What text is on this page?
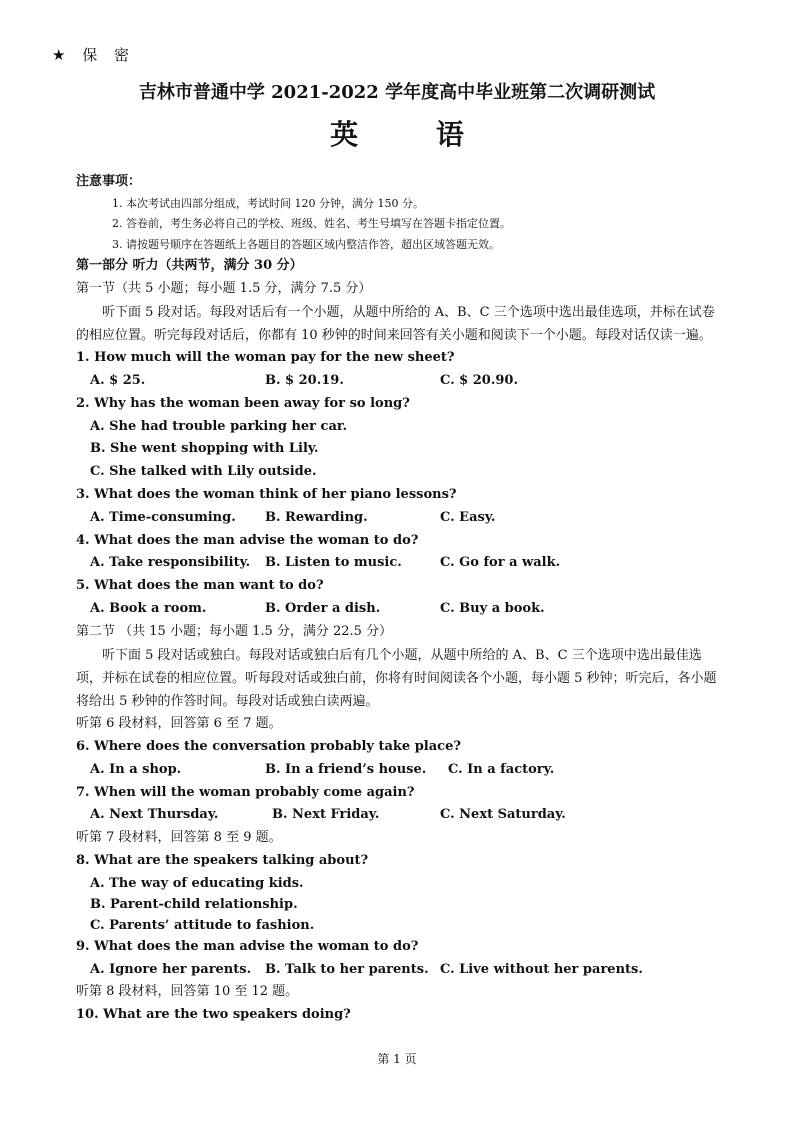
★ 保 密
吉林市普通中学 2021-2022 学年度高中毕业班第二次调研测试
英 语
注意事项：
1. 本次考试由四部分组成，考试时间 120 分钟，满分 150 分。
2. 答卷前，考生务必将自己的学校、班级、姓名、考生号填写在答题卡指定位置。
3. 请按题号顺序在答题纸上各题目的答题区域内整洁作答，超出区域答题无效。
第一部分 听力（共两节，满分 30 分）
第一节（共 5 小题；每小题 1.5 分，满分 7.5 分）

听下面 5 段对话。每段对话后有一个小题，从题中所给的 A、B、C 三个选项中选出最佳选项，并标在试卷的相应位置。听完每段对话后，你都有 10 秒钟的时间来回答有关小题和阅读下一个小题。每段对话仅读一遍。

1. How much will the woman pay for the new sheet?
A. $ 25.	B. $ 20.19.	C. $ 20.90.
2. Why has the woman been away for so long?
A. She had trouble parking her car.
B. She went shopping with Lily.
C. She talked with Lily outside.
3. What does the woman think of her piano lessons?
A. Time-consuming.	B. Rewarding.	C. Easy.
4. What does the man advise the woman to do?
A. Take responsibility.	B. Listen to music.	C. Go for a walk.
5. What does the man want to do?
A. Book a room.	B. Order a dish.	C. Buy a book.
第二节 （共 15 小题；每小题 1.5 分，满分 22.5 分）

听下面 5 段对话或独白。每段对话或独白后有几个小题，从题中所给的 A、B、C 三个选项中选出最佳选项，并标在试卷的相应位置。听每段对话或独白前，你将有时间阅读各个小题，每小题 5 秒钟；听完后，各小题将给出 5 秒钟的作答时间。每段对话或独白读两遍。

听第 6 段材料，回答第 6 至 7 题。
6. Where does the conversation probably take place?
A. In a shop.	B. In a friend’s house.	C. In a factory.
7. When will the woman probably come again?
A. Next Thursday.	B. Next Friday.	C. Next Saturday.
听第 7 段材料，回答第 8 至 9 题。
8. What are the speakers talking about?
A. The way of educating kids.
B. Parent-child relationship.
C. Parents’ attitude to fashion.
9. What does the man advise the woman to do?
A. Ignore her parents.	B. Talk to her parents. C. Live without her parents.
听第 8 段材料，回答第 10 至 12 题。
10. What are the two speakers doing?
第 1 页
